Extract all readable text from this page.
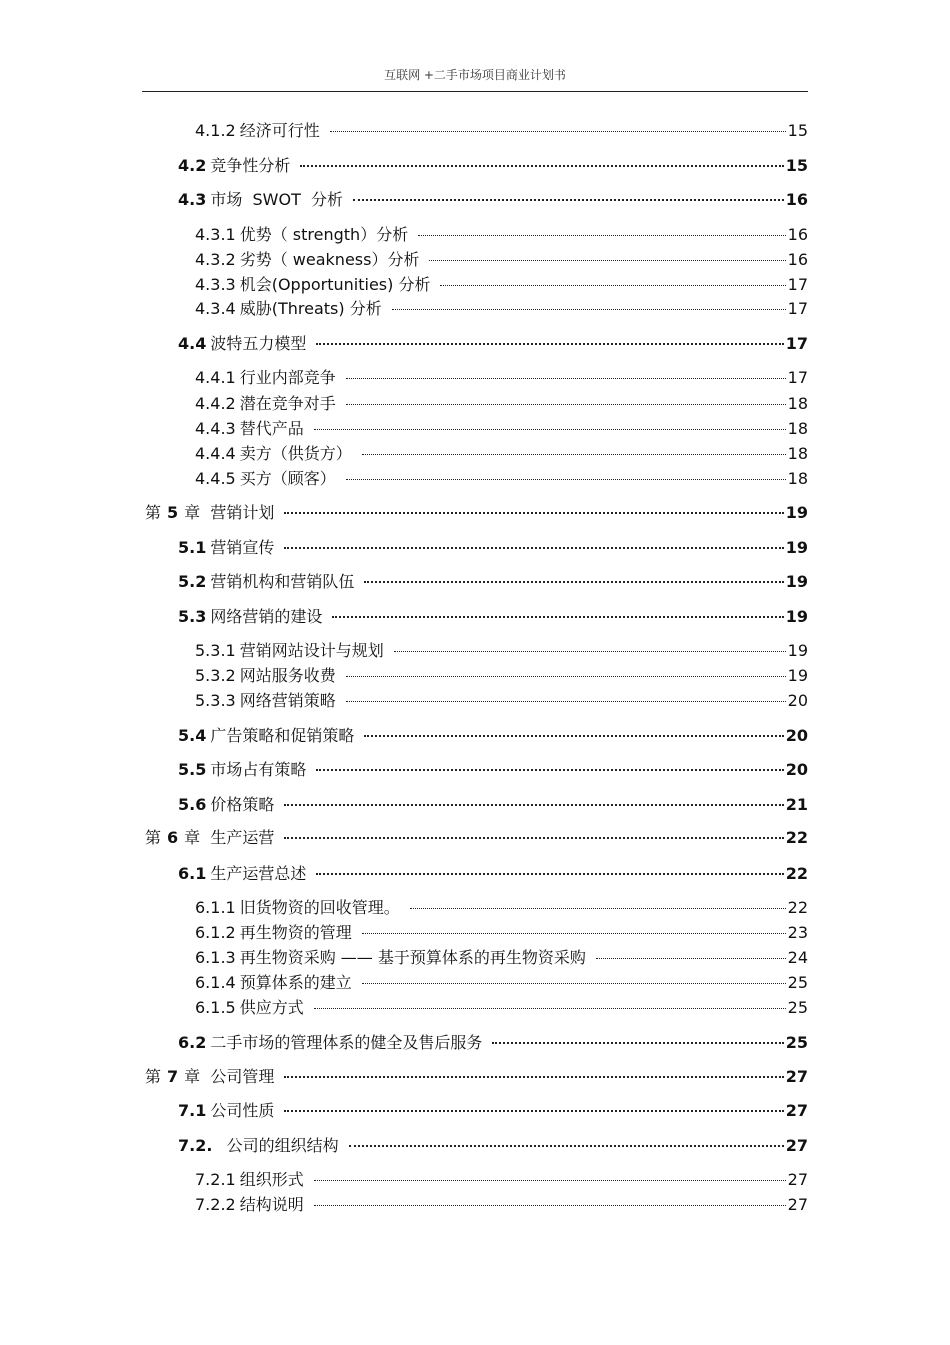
互联网 +二手市场项目商业计划书
4.1.2 经济可行性	15
4.2 竞争性分析	15
4.3 市场  SWOT  分析	16
4.3.1 优势（ strength）分析	16
4.3.2 劣势（ weakness）分析	16
4.3.3 机会(Opportunities) 分析	17
4.3.4 威胁(Threats) 分析	17
4.4 波特五力模型	17
4.4.1 行业内部竞争	17
4.4.2 潜在竞争对手	18
4.4.3 替代产品	18
4.4.4 卖方（供货方）	18
4.4.5 买方（顾客）	18
第 5 章  营销计划	19
5.1 营销宣传	19
5.2 营销机构和营销队伍	19
5.3 网络营销的建设	19
5.3.1 营销网站设计与规划	19
5.3.2 网站服务收费	19
5.3.3 网络营销策略	20
5.4 广告策略和促销策略	20
5.5 市场占有策略	20
5.6 价格策略	21
第 6 章  生产运营	22
6.1 生产运营总述	22
6.1.1 旧货物资的回收管理。	22
6.1.2 再生物资的管理	23
6.1.3 再生物资采购 —— 基于预算体系的再生物资采购	24
6.1.4 预算体系的建立	25
6.1.5 供应方式	25
6.2 二手市场的管理体系的健全及售后服务	25
第 7 章  公司管理	27
7.1 公司性质	27
7.2. 公司的组织结构	27
7.2.1 组织形式	27
7.2.2 结构说明	27
